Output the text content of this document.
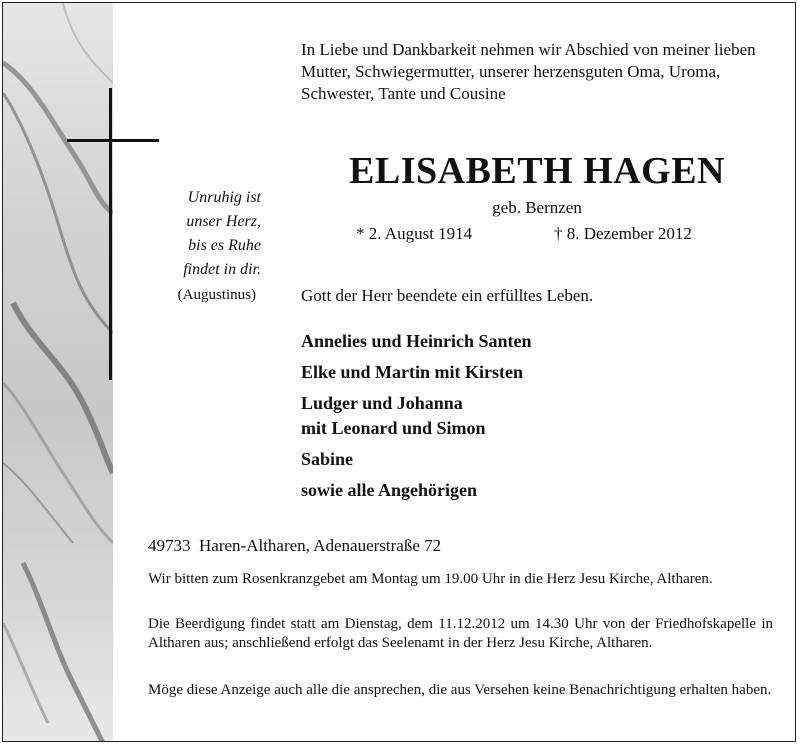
In Liebe und Dankbarkeit nehmen wir Abschied von meiner lieben Mutter, Schwiegermutter, unserer herzensguten Oma, Uroma, Schwester, Tante und Cousine
ELISABETH HAGEN
geb. Bernzen
* 2. August 1914	† 8. Dezember 2012
Unruhig ist
unser Herz,
bis es Ruhe
findet in dir.
(Augustinus)	Gott der Herr beendete ein erfülltes Leben.
Annelies und Heinrich Santen
Elke und Martin mit Kirsten
Ludger und Johanna
mit Leonard und Simon
Sabine
sowie alle Angehörigen
49733  Haren-Altharen, Adenauerstraße 72
Wir bitten zum Rosenkranzgebet am Montag um 19.00 Uhr in die Herz Jesu Kirche, Altharen.
Die Beerdigung findet statt am Dienstag, dem 11.12.2012 um 14.30 Uhr von der Friedhofskapelle in Altharen aus; anschließend erfolgt das Seelenamt in der Herz Jesu Kirche, Altharen.
Möge diese Anzeige auch alle die ansprechen, die aus Versehen keine Benachrichtigung erhalten haben.
